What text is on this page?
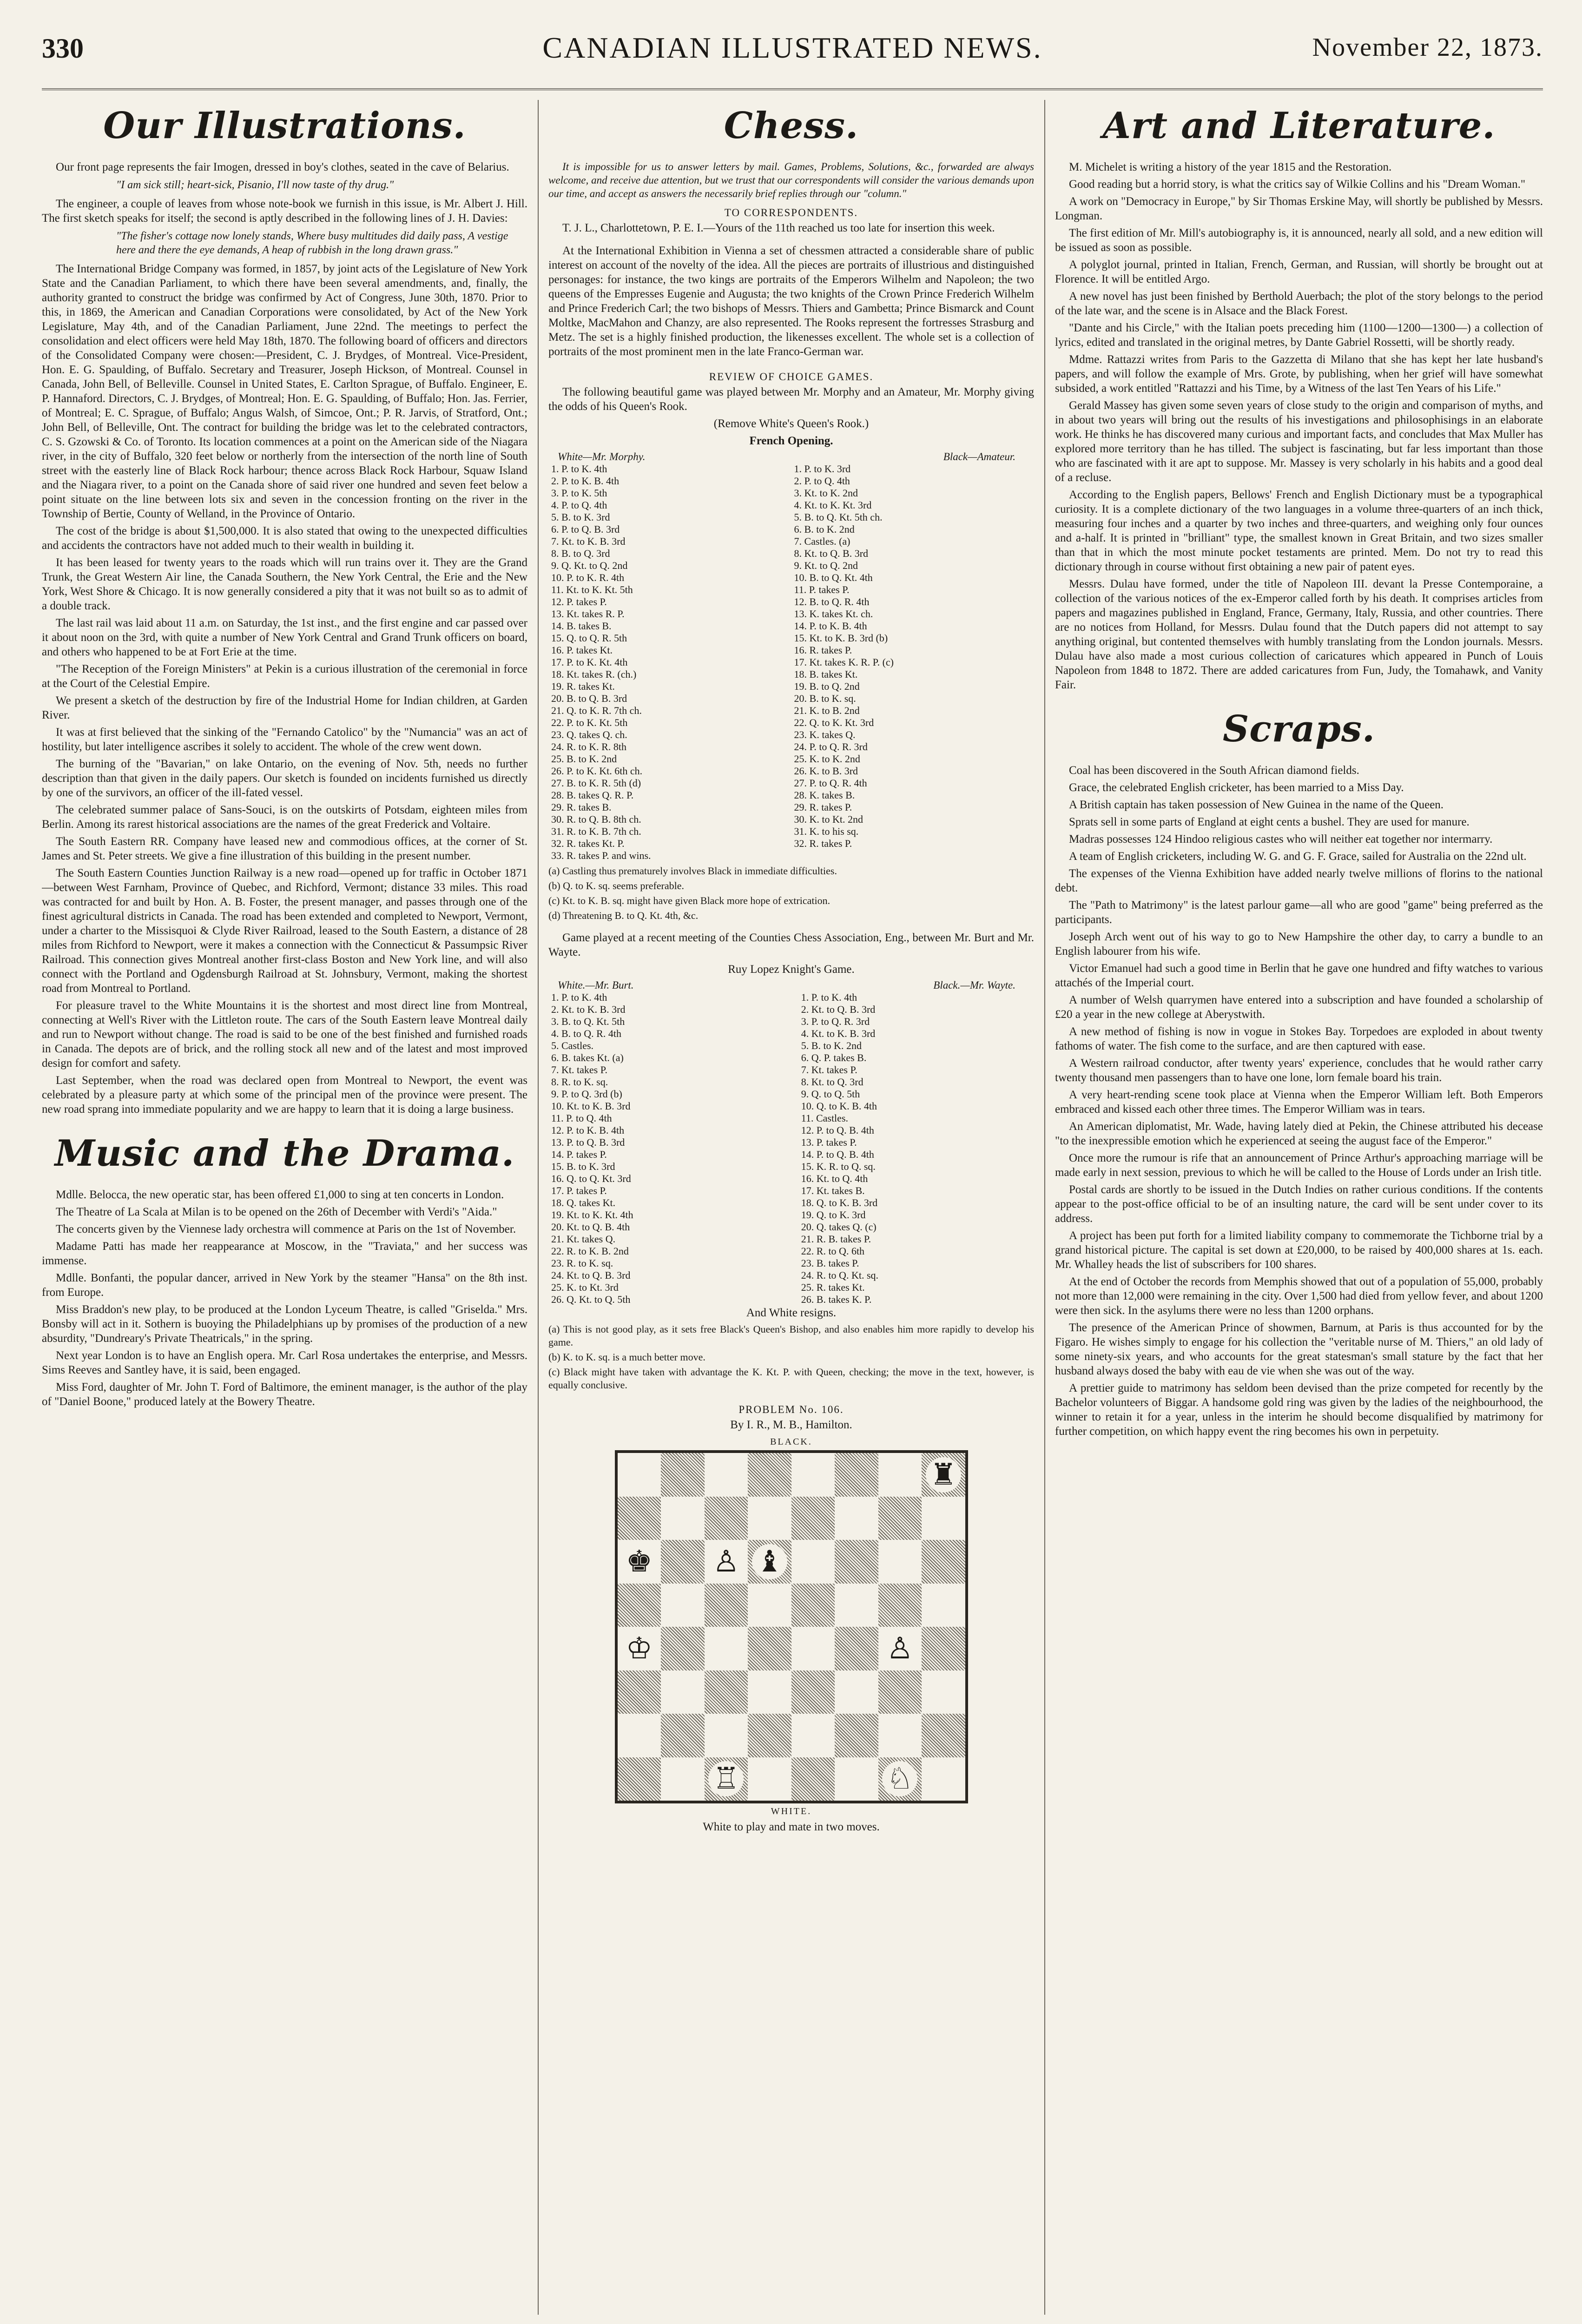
330	CANADIAN ILLUSTRATED NEWS.	November 22, 1873.
Our Illustrations.

Our front page represents the fair Imogen, dressed in boy's clothes, seated in the cave of Belarius.

"I am sick still; heart-sick, Pisanio, I'll now taste of thy drug."

The engineer, a couple of leaves from whose note-book we furnish in this issue, is Mr. Albert J. Hill. The first sketch speaks for itself; the second is aptly described in the following lines of J. H. Davies:

"The fisher's cottage now lonely stands, Where busy multitudes did daily pass, A vestige here and there the eye demands, A heap of rubbish in the long drawn grass."

The International Bridge Company was formed, in 1857, by joint acts of the Legislature of New York State and the Canadian Parliament, to which there have been several amendments, and, finally, the authority granted to construct the bridge was confirmed by Act of Congress, June 30th, 1870. Prior to this, in 1869, the American and Canadian Corporations were consolidated, by Act of the New York Legislature, May 4th, and of the Canadian Parliament, June 22nd. The meetings to perfect the consolidation and elect officers were held May 18th, 1870. The following board of officers and directors of the Consolidated Company were chosen:—President, C. J. Brydges, of Montreal. Vice-President, Hon. E. G. Spaulding, of Buffalo. Secretary and Treasurer, Joseph Hickson, of Montreal. Counsel in Canada, John Bell, of Belleville. Counsel in United States, E. Carlton Sprague, of Buffalo. Engineer, E. P. Hannaford. Directors, C. J. Brydges, of Montreal; Hon. E. G. Spaulding, of Buffalo; Hon. Jas. Ferrier, of Montreal; E. C. Sprague, of Buffalo; Angus Walsh, of Simcoe, Ont.; P. R. Jarvis, of Stratford, Ont.; John Bell, of Belleville, Ont. The contract for building the bridge was let to the celebrated contractors, C. S. Gzowski & Co. of Toronto. Its location commences at a point on the American side of the Niagara river, in the city of Buffalo, 320 feet below or northerly from the intersection of the north line of South street with the easterly line of Black Rock harbour; thence across Black Rock Harbour, Squaw Island and the Niagara river, to a point on the Canada shore of said river one hundred and seven feet below a point situate on the line between lots six and seven in the concession fronting on the river in the Township of Bertie, County of Welland, in the Province of Ontario.

The cost of the bridge is about $1,500,000. It is also stated that owing to the unexpected difficulties and accidents the contractors have not added much to their wealth in building it.

It has been leased for twenty years to the roads which will run trains over it. They are the Grand Trunk, the Great Western Air line, the Canada Southern, the New York Central, the Erie and the New York, West Shore & Chicago. It is now generally considered a pity that it was not built so as to admit of a double track.

The last rail was laid about 11 a.m. on Saturday, the 1st inst., and the first engine and car passed over it about noon on the 3rd, with quite a number of New York Central and Grand Trunk officers on board, and others who happened to be at Fort Erie at the time.

"The Reception of the Foreign Ministers" at Pekin is a curious illustration of the ceremonial in force at the Court of the Celestial Empire.

We present a sketch of the destruction by fire of the Industrial Home for Indian children, at Garden River.

It was at first believed that the sinking of the "Fernando Catolico" by the "Numancia" was an act of hostility, but later intelligence ascribes it solely to accident. The whole of the crew went down.

The burning of the "Bavarian," on lake Ontario, on the evening of Nov. 5th, needs no further description than that given in the daily papers. Our sketch is founded on incidents furnished us directly by one of the survivors, an officer of the ill-fated vessel.

The celebrated summer palace of Sans-Souci, is on the outskirts of Potsdam, eighteen miles from Berlin. Among its rarest historical associations are the names of the great Frederick and Voltaire.

The South Eastern RR. Company have leased new and commodious offices, at the corner of St. James and St. Peter streets. We give a fine illustration of this building in the present number.

The South Eastern Counties Junction Railway is a new road—opened up for traffic in October 1871—between West Farnham, Province of Quebec, and Richford, Vermont; distance 33 miles. This road was contracted for and built by Hon. A. B. Foster, the present manager, and passes through one of the finest agricultural districts in Canada. The road has been extended and completed to Newport, Vermont, under a charter to the Missisquoi & Clyde River Railroad, leased to the South Eastern, a distance of 28 miles from Richford to Newport, were it makes a connection with the Connecticut & Passumpsic River Railroad. This connection gives Montreal another first-class Boston and New York line, and will also connect with the Portland and Ogdensburgh Railroad at St. Johnsbury, Vermont, making the shortest road from Montreal to Portland.

For pleasure travel to the White Mountains it is the shortest and most direct line from Montreal, connecting at Well's River with the Littleton route. The cars of the South Eastern leave Montreal daily and run to Newport without change. The road is said to be one of the best finished and furnished roads in Canada. The depots are of brick, and the rolling stock all new and of the latest and most improved design for comfort and safety.

Last September, when the road was declared open from Montreal to Newport, the event was celebrated by a pleasure party at which some of the principal men of the province were present. The new road sprang into immediate popularity and we are happy to learn that it is doing a large business.

Music and the Drama.

Mdlle. Belocca, the new operatic star, has been offered £1,000 to sing at ten concerts in London.

The Theatre of La Scala at Milan is to be opened on the 26th of December with Verdi's "Aida."

The concerts given by the Viennese lady orchestra will commence at Paris on the 1st of November.

Madame Patti has made her reappearance at Moscow, in the "Traviata," and her success was immense.

Mdlle. Bonfanti, the popular dancer, arrived in New York by the steamer "Hansa" on the 8th inst. from Europe.

Miss Braddon's new play, to be produced at the London Lyceum Theatre, is called "Griselda." Mrs. Bonsby will act in it. Sothern is buoying the Philadelphians up by promises of the production of a new absurdity, "Dundreary's Private Theatricals," in the spring.

Next year London is to have an English opera. Mr. Carl Rosa undertakes the enterprise, and Messrs. Sims Reeves and Santley have, it is said, been engaged.

Miss Ford, daughter of Mr. John T. Ford of Baltimore, the eminent manager, is the author of the play of "Daniel Boone," produced lately at the Bowery Theatre.

Chess.

It is impossible for us to answer letters by mail. Games, Problems, Solutions, &c., forwarded are always welcome, and receive due attention, but we trust that our correspondents will consider the various demands upon our time, and accept as answers the necessarily brief replies through our "column."

TO CORRESPONDENTS.

T. J. L., Charlottetown, P. E. I.—Yours of the 11th reached us too late for insertion this week.

At the International Exhibition in Vienna a set of chessmen attracted a considerable share of public interest on account of the novelty of the idea. All the pieces are portraits of illustrious and distinguished personages: for instance, the two kings are portraits of the Emperors Wilhelm and Napoleon; the two queens of the Empresses Eugenie and Augusta; the two knights of the Crown Prince Frederich Wilhelm and Prince Frederich Carl; the two bishops of Messrs. Thiers and Gambetta; Prince Bismarck and Count Moltke, MacMahon and Chanzy, are also represented. The Rooks represent the fortresses Strasburg and Metz. The set is a highly finished production, the likenesses excellent. The whole set is a collection of portraits of the most prominent men in the late Franco-German war.

REVIEW OF CHOICE GAMES.

The following beautiful game was played between Mr. Morphy and an Amateur, Mr. Morphy giving the odds of his Queen's Rook.

(Remove White's Queen's Rook.)

French Opening.

White—Mr. Morphy.	Black—Amateur.
1. P. to K. 4th	1. P. to K. 3rd
2. P. to K. B. 4th	2. P. to Q. 4th
3. P. to K. 5th	3. Kt. to K. 2nd
4. P. to Q. 4th	4. Kt. to K. Kt. 3rd
5. B. to K. 3rd	5. B. to Q. Kt. 5th ch.
6. P. to Q. B. 3rd	6. B. to K. 2nd
7. Kt. to K. B. 3rd	7. Castles. (a)
8. B. to Q. 3rd	8. Kt. to Q. B. 3rd
9. Q. Kt. to Q. 2nd	9. Kt. to Q. 2nd
10. P. to K. R. 4th	10. B. to Q. Kt. 4th
11. Kt. to K. Kt. 5th	11. P. takes P.
12. P. takes P.	12. B. to Q. R. 4th
13. Kt. takes R. P.	13. K. takes Kt. ch.
14. B. takes B.	14. P. to K. B. 4th
15. Q. to Q. R. 5th	15. Kt. to K. B. 3rd (b)
16. P. takes Kt.	16. R. takes P.
17. P. to K. Kt. 4th	17. Kt. takes K. R. P. (c)
18. Kt. takes R. (ch.)	18. B. takes Kt.
19. R. takes Kt.	19. B. to Q. 2nd
20. B. to Q. B. 3rd	20. B. to K. sq.
21. Q. to K. R. 7th ch.	21. K. to B. 2nd
22. P. to K. Kt. 5th	22. Q. to K. Kt. 3rd
23. Q. takes Q. ch.	23. K. takes Q.
24. R. to K. R. 8th	24. P. to Q. R. 3rd
25. B. to K. 2nd	25. K. to K. 2nd
26. P. to K. Kt. 6th ch.	26. K. to B. 3rd
27. B. to K. R. 5th (d)	27. P. to Q. R. 4th
28. B. takes Q. R. P.	28. K. takes B.
29. R. takes B.	29. R. takes P.
30. R. to Q. B. 8th ch.	30. K. to Kt. 2nd
31. R. to K. B. 7th ch.	31. K. to his sq.
32. R. takes Kt. P.	32. R. takes P.
33. R. takes P. and wins.	

(a) Castling thus prematurely involves Black in immediate difficulties.

(b) Q. to K. sq. seems preferable.

(c) Kt. to K. B. sq. might have given Black more hope of extrication.

(d) Threatening B. to Q. Kt. 4th, &c.

Game played at a recent meeting of the Counties Chess Association, Eng., between Mr. Burt and Mr. Wayte.

Ruy Lopez Knight's Game.

White.—Mr. Burt.	Black.—Mr. Wayte.
1. P. to K. 4th	1. P. to K. 4th
2. Kt. to K. B. 3rd	2. Kt. to Q. B. 3rd
3. B. to Q. Kt. 5th	3. P. to Q. R. 3rd
4. B. to Q. R. 4th	4. Kt. to K. B. 3rd
5. Castles.	5. B. to K. 2nd
6. B. takes Kt. (a)	6. Q. P. takes B.
7. Kt. takes P.	7. Kt. takes P.
8. R. to K. sq.	8. Kt. to Q. 3rd
9. P. to Q. 3rd (b)	9. Q. to Q. 5th
10. Kt. to K. B. 3rd	10. Q. to K. B. 4th
11. P. to Q. 4th	11. Castles.
12. P. to K. B. 4th	12. P. to Q. B. 4th
13. P. to Q. B. 3rd	13. P. takes P.
14. P. takes P.	14. P. to Q. B. 4th
15. B. to K. 3rd	15. K. R. to Q. sq.
16. Q. to Q. Kt. 3rd	16. Kt. to Q. 4th
17. P. takes P.	17. Kt. takes B.
18. Q. takes Kt.	18. Q. to K. B. 3rd
19. Kt. to K. Kt. 4th	19. Q. to K. 3rd
20. Kt. to Q. B. 4th	20. Q. takes Q. (c)
21. Kt. takes Q.	21. R. B. takes P.
22. R. to K. B. 2nd	22. R. to Q. 6th
23. R. to K. sq.	23. B. takes P.
24. Kt. to Q. B. 3rd	24. R. to Q. Kt. sq.
25. K. to Kt. 3rd	25. R. takes Kt.
26. Q. Kt. to Q. 5th	26. B. takes K. P.

And White resigns.

(a) This is not good play, as it sets free Black's Queen's Bishop, and also enables him more rapidly to develop his game.

(b) K. to K. sq. is a much better move.

(c) Black might have taken with advantage the K. Kt. P. with Queen, checking; the move in the text, however, is equally conclusive.

PROBLEM No. 106.

By I. R., M. B., Hamilton.

BLACK.
♜
♚ ♙ ♝
♔	♙
♖	♘
WHITE.

White to play and mate in two moves.

Art and Literature.

M. Michelet is writing a history of the year 1815 and the Restoration.

Good reading but a horrid story, is what the critics say of Wilkie Collins and his "Dream Woman."

A work on "Democracy in Europe," by Sir Thomas Erskine May, will shortly be published by Messrs. Longman.

The first edition of Mr. Mill's autobiography is, it is announced, nearly all sold, and a new edition will be issued as soon as possible.

A polyglot journal, printed in Italian, French, German, and Russian, will shortly be brought out at Florence. It will be entitled Argo.

A new novel has just been finished by Berthold Auerbach; the plot of the story belongs to the period of the late war, and the scene is in Alsace and the Black Forest.

"Dante and his Circle," with the Italian poets preceding him (1100—1200—1300—) a collection of lyrics, edited and translated in the original metres, by Dante Gabriel Rossetti, will be shortly ready.

Mdme. Rattazzi writes from Paris to the Gazzetta di Milano that she has kept her late husband's papers, and will follow the example of Mrs. Grote, by publishing, when her grief will have somewhat subsided, a work entitled "Rattazzi and his Time, by a Witness of the last Ten Years of his Life."

Gerald Massey has given some seven years of close study to the origin and comparison of myths, and in about two years will bring out the results of his investigations and philosophisings in an elaborate work. He thinks he has discovered many curious and important facts, and concludes that Max Muller has explored more territory than he has tilled. The subject is fascinating, but far less important than those who are fascinated with it are apt to suppose. Mr. Massey is very scholarly in his habits and a good deal of a recluse.

According to the English papers, Bellows' French and English Dictionary must be a typographical curiosity. It is a complete dictionary of the two languages in a volume three-quarters of an inch thick, measuring four inches and a quarter by two inches and three-quarters, and weighing only four ounces and a-half. It is printed in "brilliant" type, the smallest known in Great Britain, and two sizes smaller than that in which the most minute pocket testaments are printed. Mem. Do not try to read this dictionary through in course without first obtaining a new pair of patent eyes.

Messrs. Dulau have formed, under the title of Napoleon III. devant la Presse Contemporaine, a collection of the various notices of the ex-Emperor called forth by his death. It comprises articles from papers and magazines published in England, France, Germany, Italy, Russia, and other countries. There are no notices from Holland, for Messrs. Dulau found that the Dutch papers did not attempt to say anything original, but contented themselves with humbly translating from the London journals. Messrs. Dulau have also made a most curious collection of caricatures which appeared in Punch of Louis Napoleon from 1848 to 1872. There are added caricatures from Fun, Judy, the Tomahawk, and Vanity Fair.

Scraps.

Coal has been discovered in the South African diamond fields.

Grace, the celebrated English cricketer, has been married to a Miss Day.

A British captain has taken possession of New Guinea in the name of the Queen.

Sprats sell in some parts of England at eight cents a bushel. They are used for manure.

Madras possesses 124 Hindoo religious castes who will neither eat together nor intermarry.

A team of English cricketers, including W. G. and G. F. Grace, sailed for Australia on the 22nd ult.

The expenses of the Vienna Exhibition have added nearly twelve millions of florins to the national debt.

The "Path to Matrimony" is the latest parlour game—all who are good "game" being preferred as the participants.

Joseph Arch went out of his way to go to New Hampshire the other day, to carry a bundle to an English labourer from his wife.

Victor Emanuel had such a good time in Berlin that he gave one hundred and fifty watches to various attachés of the Imperial court.

A number of Welsh quarrymen have entered into a subscription and have founded a scholarship of £20 a year in the new college at Aberystwith.

A new method of fishing is now in vogue in Stokes Bay. Torpedoes are exploded in about twenty fathoms of water. The fish come to the surface, and are then captured with ease.

A Western railroad conductor, after twenty years' experience, concludes that he would rather carry twenty thousand men passengers than to have one lone, lorn female board his train.

A very heart-rending scene took place at Vienna when the Emperor William left. Both Emperors embraced and kissed each other three times. The Emperor William was in tears.

An American diplomatist, Mr. Wade, having lately died at Pekin, the Chinese attributed his decease "to the inexpressible emotion which he experienced at seeing the august face of the Emperor."

Once more the rumour is rife that an announcement of Prince Arthur's approaching marriage will be made early in next session, previous to which he will be called to the House of Lords under an Irish title.

Postal cards are shortly to be issued in the Dutch Indies on rather curious conditions. If the contents appear to the post-office official to be of an insulting nature, the card will be sent under cover to its address.

A project has been put forth for a limited liability company to commemorate the Tichborne trial by a grand historical picture. The capital is set down at £20,000, to be raised by 400,000 shares at 1s. each. Mr. Whalley heads the list of subscribers for 100 shares.

At the end of October the records from Memphis showed that out of a population of 55,000, probably not more than 12,000 were remaining in the city. Over 1,500 had died from yellow fever, and about 1200 were then sick. In the asylums there were no less than 1200 orphans.

The presence of the American Prince of showmen, Barnum, at Paris is thus accounted for by the Figaro. He wishes simply to engage for his collection the "veritable nurse of M. Thiers," an old lady of some ninety-six years, and who accounts for the great statesman's small stature by the fact that her husband always dosed the baby with eau de vie when she was out of the way.

A prettier guide to matrimony has seldom been devised than the prize competed for recently by the Bachelor volunteers of Biggar. A handsome gold ring was given by the ladies of the neighbourhood, the winner to retain it for a year, unless in the interim he should become disqualified by matrimony for further competition, on which happy event the ring becomes his own in perpetuity.
